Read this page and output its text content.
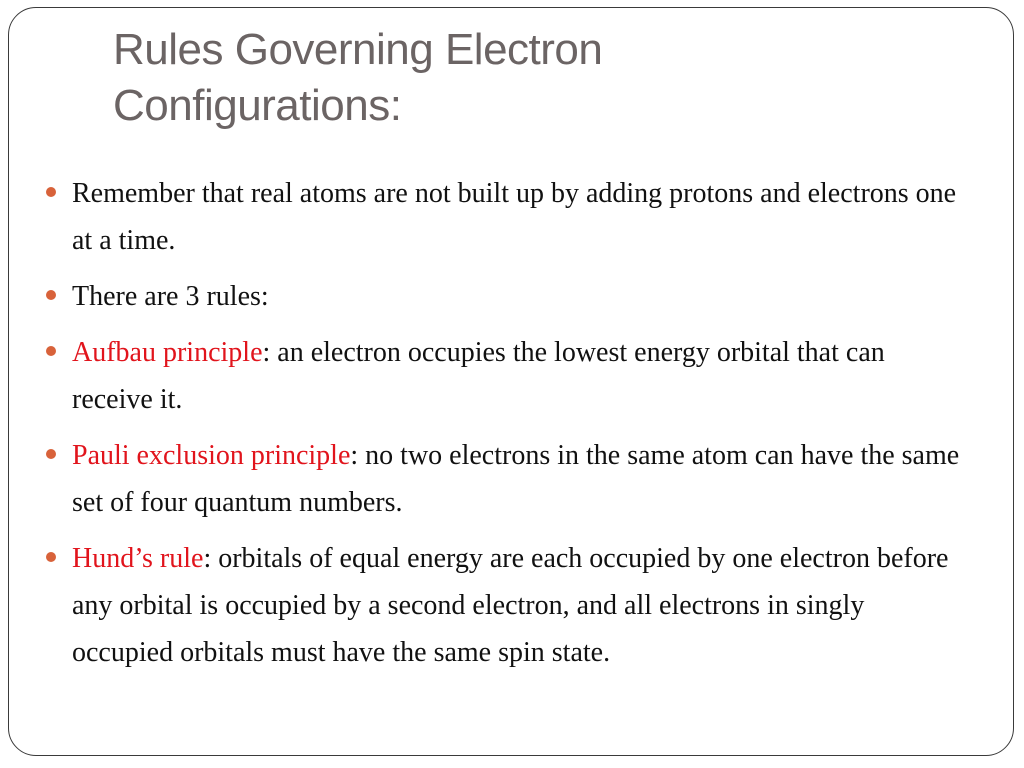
Rules Governing Electron
Configurations:
Remember that real atoms are not built up by adding protons and electrons one at a time.
There are 3 rules:
Aufbau principle: an electron occupies the lowest energy orbital that can receive it.
Pauli exclusion principle: no two electrons in the same atom can have the same set of four quantum numbers.
Hund’s rule: orbitals of equal energy are each occupied by one electron before any orbital is occupied by a second electron, and all electrons in singly occupied orbitals must have the same spin state.
